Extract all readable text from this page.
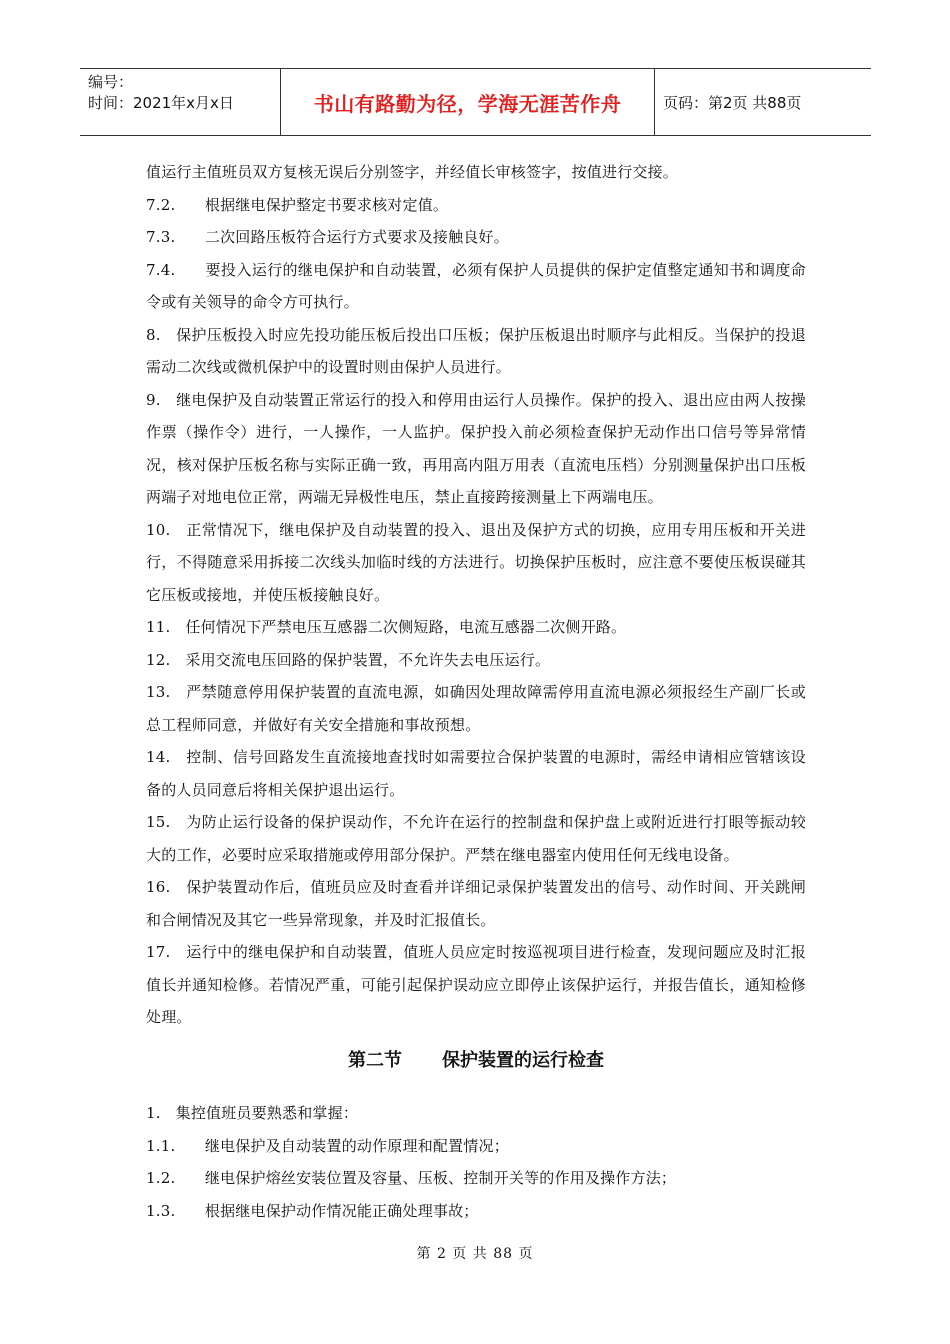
编号：
时间：2021年x月x日	书山有路勤为径，学海无涯苦作舟	页码：第2页 共88页

值运行主值班员双方复核无误后分别签字，并经值长审核签字，按值进行交接。

7.2. 根据继电保护整定书要求核对定值。

7.3. 二次回路压板符合运行方式要求及接触良好。

7.4. 要投入运行的继电保护和自动装置，必须有保护人员提供的保护定值整定通知书和调度命令或有关领导的命令方可执行。

8. 保护压板投入时应先投功能压板后投出口压板；保护压板退出时顺序与此相反。当保护的投退需动二次线或微机保护中的设置时则由保护人员进行。

9. 继电保护及自动装置正常运行的投入和停用由运行人员操作。保护的投入、退出应由两人按操作票（操作令）进行，一人操作，一人监护。保护投入前必须检查保护无动作出口信号等异常情况，核对保护压板名称与实际正确一致，再用高内阻万用表（直流电压档）分别测量保护出口压板两端子对地电位正常，两端无异极性电压，禁止直接跨接测量上下两端电压。

10. 正常情况下，继电保护及自动装置的投入、退出及保护方式的切换，应用专用压板和开关进行，不得随意采用拆接二次线头加临时线的方法进行。切换保护压板时，应注意不要使压板误碰其它压板或接地，并使压板接触良好。

11. 任何情况下严禁电压互感器二次侧短路，电流互感器二次侧开路。

12. 采用交流电压回路的保护装置，不允许失去电压运行。

13. 严禁随意停用保护装置的直流电源，如确因处理故障需停用直流电源必须报经生产副厂长或总工程师同意，并做好有关安全措施和事故预想。

14. 控制、信号回路发生直流接地查找时如需要拉合保护装置的电源时，需经申请相应管辖该设备的人员同意后将相关保护退出运行。

15. 为防止运行设备的保护误动作，不允许在运行的控制盘和保护盘上或附近进行打眼等振动较大的工作，必要时应采取措施或停用部分保护。严禁在继电器室内使用任何无线电设备。

16. 保护装置动作后，值班员应及时查看并详细记录保护装置发出的信号、动作时间、开关跳闸和合闸情况及其它一些异常现象，并及时汇报值长。

17. 运行中的继电保护和自动装置，值班人员应定时按巡视项目进行检查，发现问题应及时汇报值长并通知检修。若情况严重，可能引起保护误动应立即停止该保护运行，并报告值长，通知检修处理。

第二节 保护装置的运行检查

1. 集控值班员要熟悉和掌握：

1.1. 继电保护及自动装置的动作原理和配置情况；

1.2. 继电保护熔丝安装位置及容量、压板、控制开关等的作用及操作方法；

1.3. 根据继电保护动作情况能正确处理事故；

第 2 页 共 88 页
